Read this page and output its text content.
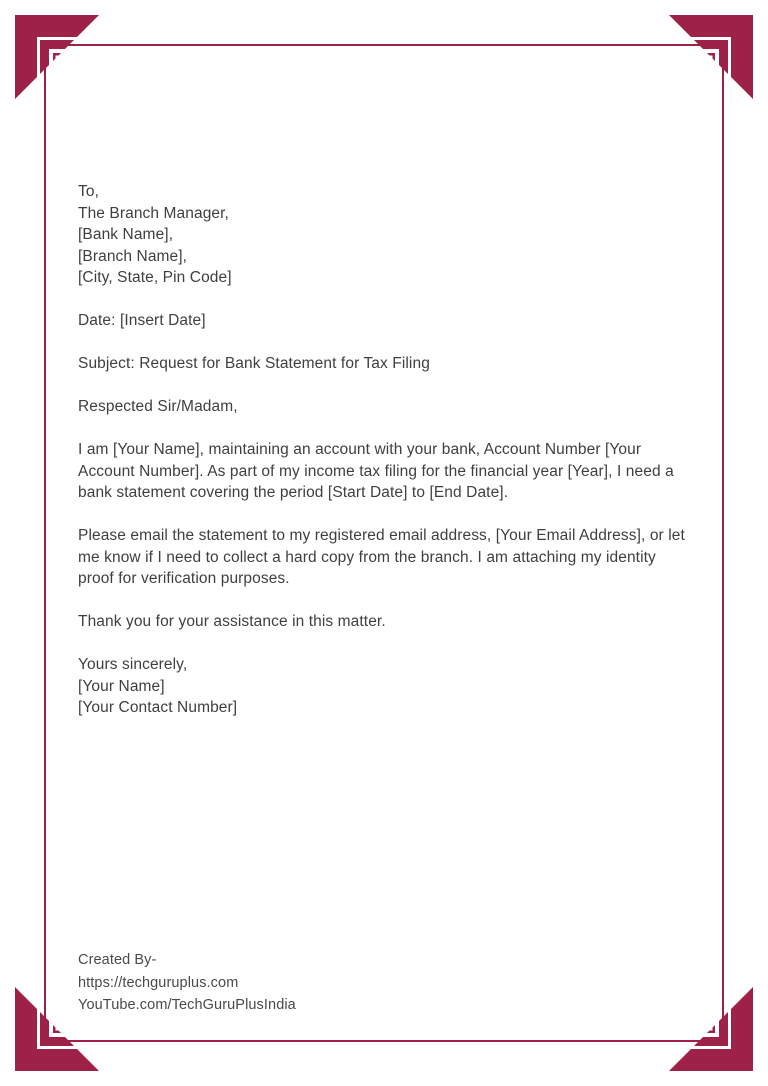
To,
The Branch Manager,
[Bank Name],
[Branch Name],
[City, State, Pin Code]

Date: [Insert Date]

Subject: Request for Bank Statement for Tax Filing

Respected Sir/Madam,

I am [Your Name], maintaining an account with your bank, Account Number [Your Account Number]. As part of my income tax filing for the financial year [Year], I need a bank statement covering the period [Start Date] to [End Date].

Please email the statement to my registered email address, [Your Email Address], or let me know if I need to collect a hard copy from the branch. I am attaching my identity proof for verification purposes.

Thank you for your assistance in this matter.

Yours sincerely,
[Your Name]
[Your Contact Number]
Created By-
https://techguruplus.com
YouTube.com/TechGuruPlusIndia
